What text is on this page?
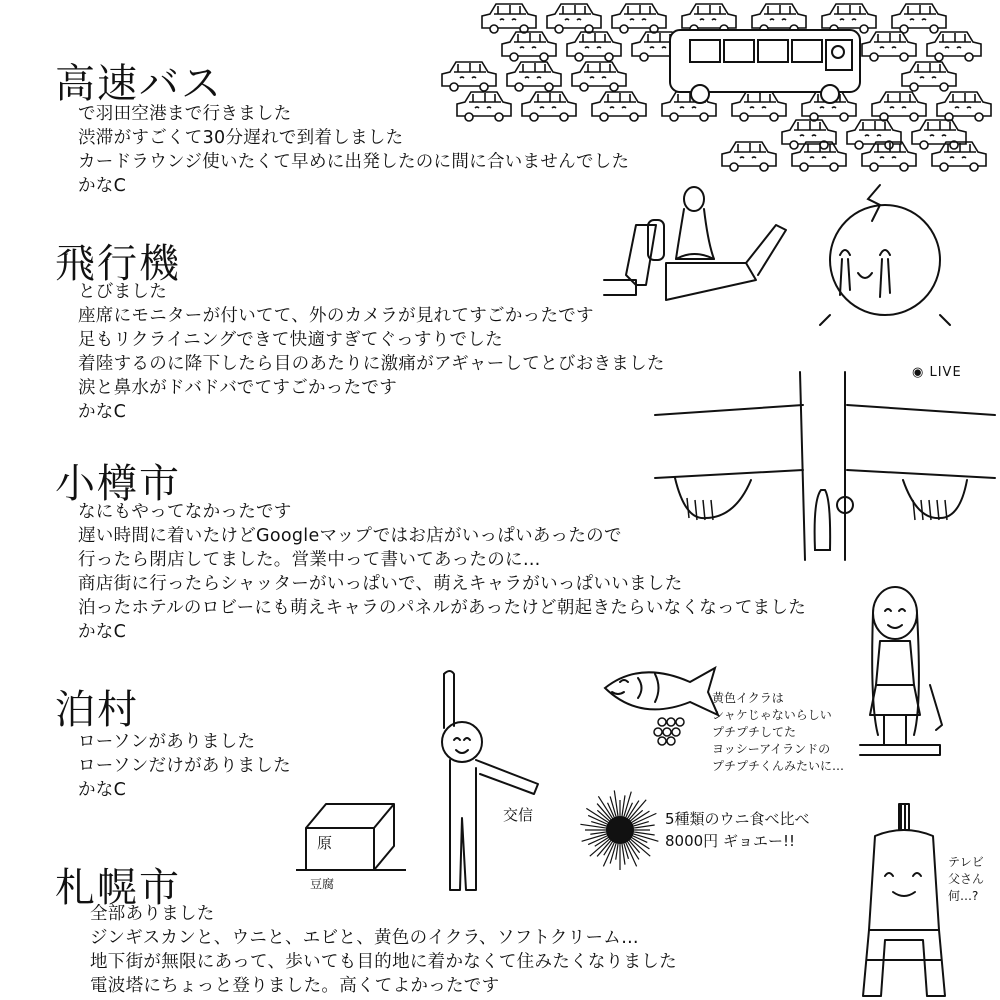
高速バス
で羽田空港まで行きました
渋滞がすごくて30分遅れで到着しました
カードラウンジ使いたくて早めに出発したのに間に合いませんでした
かなC
飛行機
とびました
座席にモニターが付いてて、外のカメラが見れてすごかったです
足もリクライニングできて快適すぎてぐっすりでした
着陸するのに降下したら目のあたりに激痛がアギャーしてとびおきました
涙と鼻水がドバドバでてすごかったです
かなC
◉ LIVE
小樽市
なにもやってなかったです
遅い時間に着いたけどGoogleマップではお店がいっぱいあったので
行ったら閉店してました。営業中って書いてあったのに…
商店街に行ったらシャッターがいっぱいで、萌えキャラがいっぱいいました
泊ったホテルのロビーにも萌えキャラのパネルがあったけど朝起きたらいなくなってました
かなC
泊村
ローソンがありました
ローソンだけがありました
かなC
黄色イクラは
シャケじゃないらしい
プチプチしてた
ヨッシーアイランドの
プチプチくんみたいに…
交信
原
豆腐
5種類のウニ食べ比べ
8000円 ギョエー!!
札幌市
全部ありました
ジンギスカンと、ウニと、エビと、黄色のイクラ、ソフトクリーム…
地下街が無限にあって、歩いても目的地に着かなくて住みたくなりました
電波塔にちょっと登りました。高くてよかったです
テレビ
父さん
何…?
